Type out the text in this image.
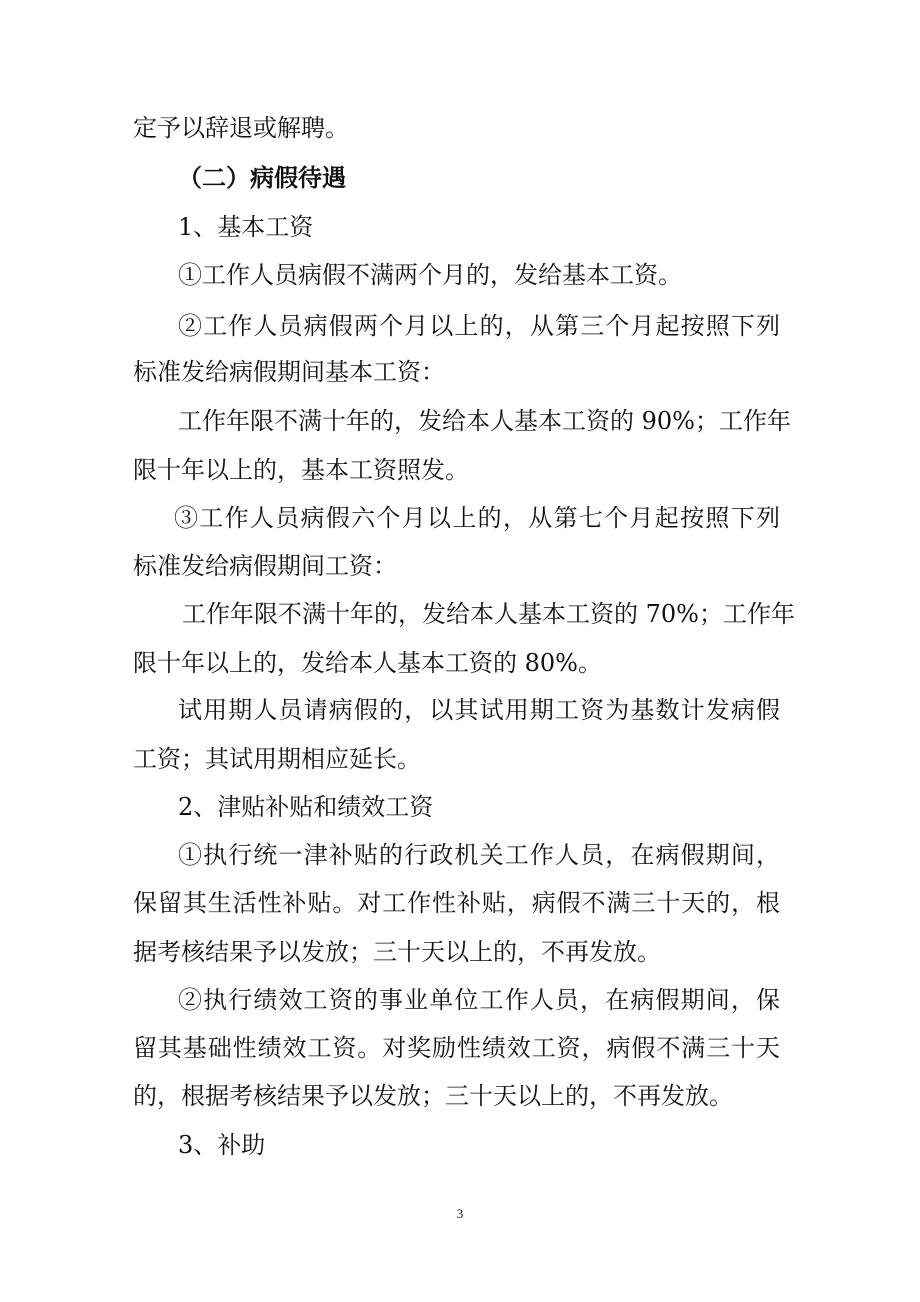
定予以辞退或解聘。

（二）病假待遇

1、基本工资

①工作人员病假不满两个月的，发给基本工资。

②工作人员病假两个月以上的，从第三个月起按照下列

标准发给病假期间基本工资：

工作年限不满十年的，发给本人基本工资的 90%；工作年

限十年以上的，基本工资照发。

③工作人员病假六个月以上的，从第七个月起按照下列

标准发给病假期间工资：

工作年限不满十年的，发给本人基本工资的 70%；工作年

限十年以上的，发给本人基本工资的 80%。

试用期人员请病假的，以其试用期工资为基数计发病假

工资；其试用期相应延长。

2、津贴补贴和绩效工资

①执行统一津补贴的行政机关工作人员，在病假期间，

保留其生活性补贴。对工作性补贴，病假不满三十天的，根

据考核结果予以发放；三十天以上的，不再发放。

②执行绩效工资的事业单位工作人员，在病假期间，保

留其基础性绩效工资。对奖励性绩效工资，病假不满三十天

的，根据考核结果予以发放；三十天以上的，不再发放。

3、补助

3
